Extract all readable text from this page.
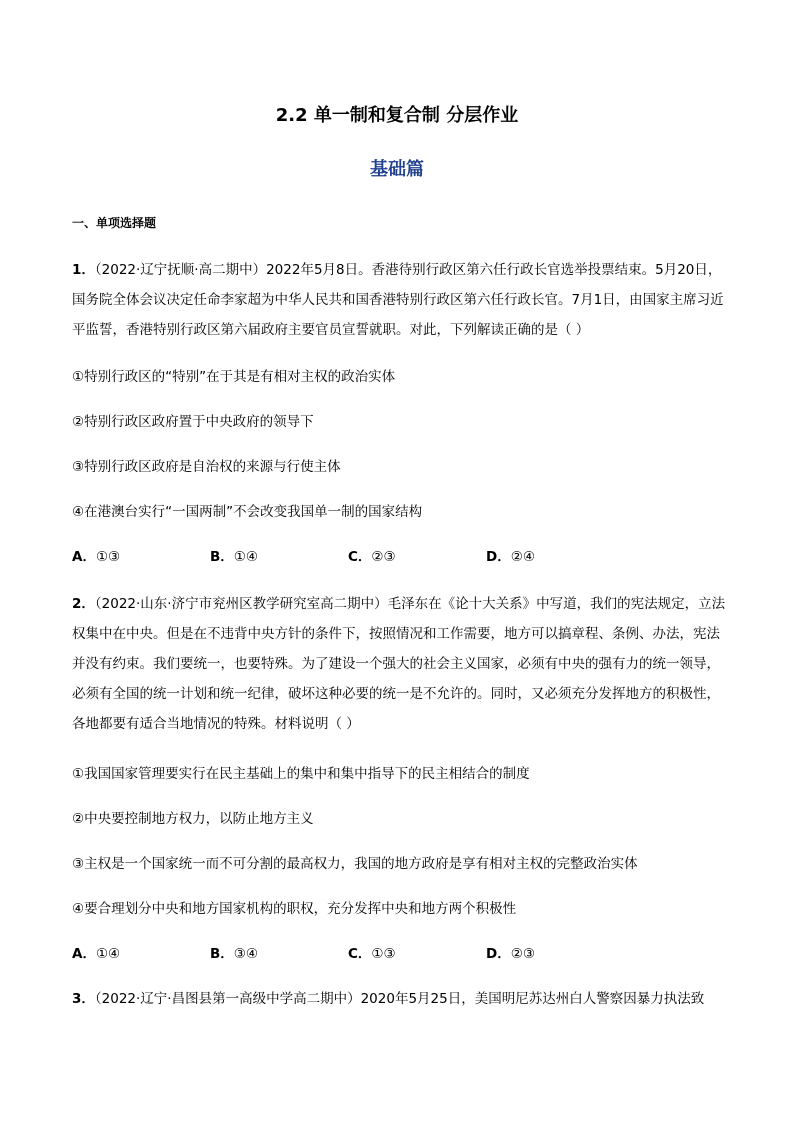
2.2 单一制和复合制 分层作业
基础篇
一、单项选择题
1．（2022·辽宁抚顺·高二期中）2022年5月8日。香港待别行政区第六任行政长官选举投票结束。5月20日，国务院全体会议决定任命李家超为中华人民共和国香港特别行政区第六任行政长官。7月1日，由国家主席习近平监誓，香港特别行政区第六届政府主要官员宣誓就职。对此，下列解读正确的是（ ）
①特别行政区的“特别”在于其是有相对主权的政治实体
②特别行政区政府置于中央政府的领导下
③特别行政区政府是自治权的来源与行使主体
④在港澳台实行“一国两制”不会改变我国单一制的国家结构
A．①③	B．①④	C．②③	D．②④
2．（2022·山东·济宁市兖州区教学研究室高二期中）毛泽东在《论十大关系》中写道，我们的宪法规定，立法权集中在中央。但是在不违背中央方针的条件下，按照情况和工作需要，地方可以搞章程、条例、办法，宪法并没有约束。我们要统一，也要特殊。为了建设一个强大的社会主义国家，必须有中央的强有力的统一领导，必须有全国的统一计划和统一纪律，破坏这种必要的统一是不允许的。同时，又必须充分发挥地方的积极性，各地都要有适合当地情况的特殊。材料说明（ ）
①我国国家管理要实行在民主基础上的集中和集中指导下的民主相结合的制度
②中央要控制地方权力，以防止地方主义
③主权是一个国家统一而不可分割的最高权力，我国的地方政府是享有相对主权的完整政治实体
④要合理划分中央和地方国家机构的职权，充分发挥中央和地方两个积极性
A．①④	B．③④	C．①③	D．②③
3．（2022·辽宁·昌图县第一高级中学高二期中）2020年5月25日，美国明尼苏达州白人警察因暴力执法致
